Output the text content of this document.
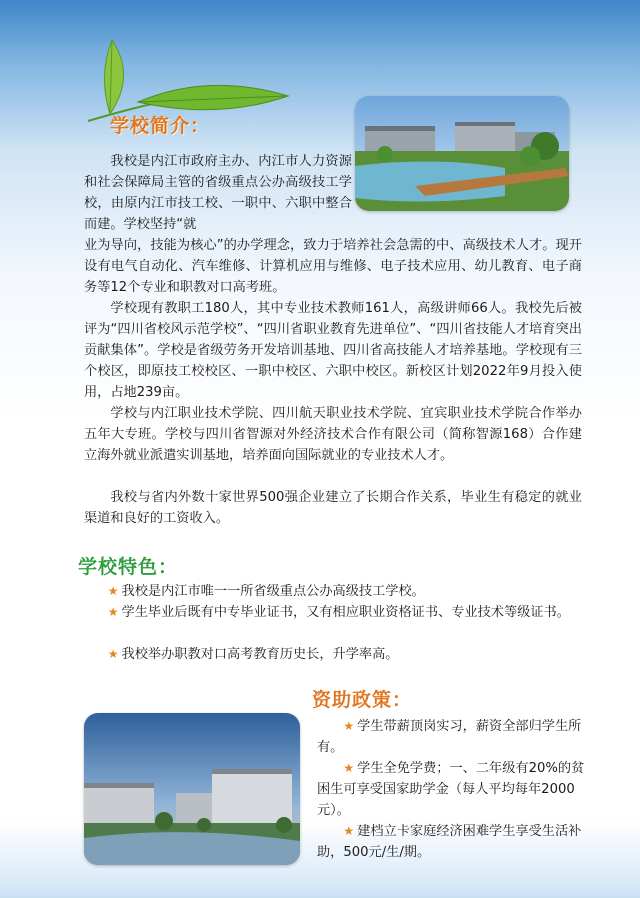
学校简介：

我校是内江市政府主办、内江市人力资源和社会保障局主管的省级重点公办高级技工学校，由原内江市技工校、一职中、六职中整合而建。学校坚持“就

业为导向，技能为核心”的办学理念，致力于培养社会急需的中、高级技术人才。现开设有电气自动化、汽车维修、计算机应用与维修、电子技术应用、幼儿教育、电子商务等12个专业和职教对口高考班。

学校现有教职工180人，其中专业技术教师161人，高级讲师66人。我校先后被评为“四川省校风示范学校”、“四川省职业教育先进单位”、“四川省技能人才培育突出贡献集体”。学校是省级劳务开发培训基地、四川省高技能人才培养基地。学校现有三个校区，即原技工校校区、一职中校区、六职中校区。新校区计划2022年9月投入使用，占地239亩。

学校与内江职业技术学院、四川航天职业技术学院、宜宾职业技术学院合作举办五年大专班。学校与四川省智源对外经济技术合作有限公司（简称智源168）合作建立海外就业派遣实训基地，培养面向国际就业的专业技术人才。

我校与省内外数十家世界500强企业建立了长期合作关系，毕业生有稳定的就业渠道和良好的工资收入。

学校特色：

★ 我校是内江市唯一一所省级重点公办高级技工学校。

★ 学生毕业后既有中专毕业证书，又有相应职业资格证书、专业技术等级证书。

★ 我校举办职教对口高考教育历史长，升学率高。

资助政策：

★ 学生带薪顶岗实习，薪资全部归学生所有。

★ 学生全免学费；一、二年级有20%的贫困生可享受国家助学金（每人平均每年2000元）。

★ 建档立卡家庭经济困难学生享受生活补助，500元/生/期。
